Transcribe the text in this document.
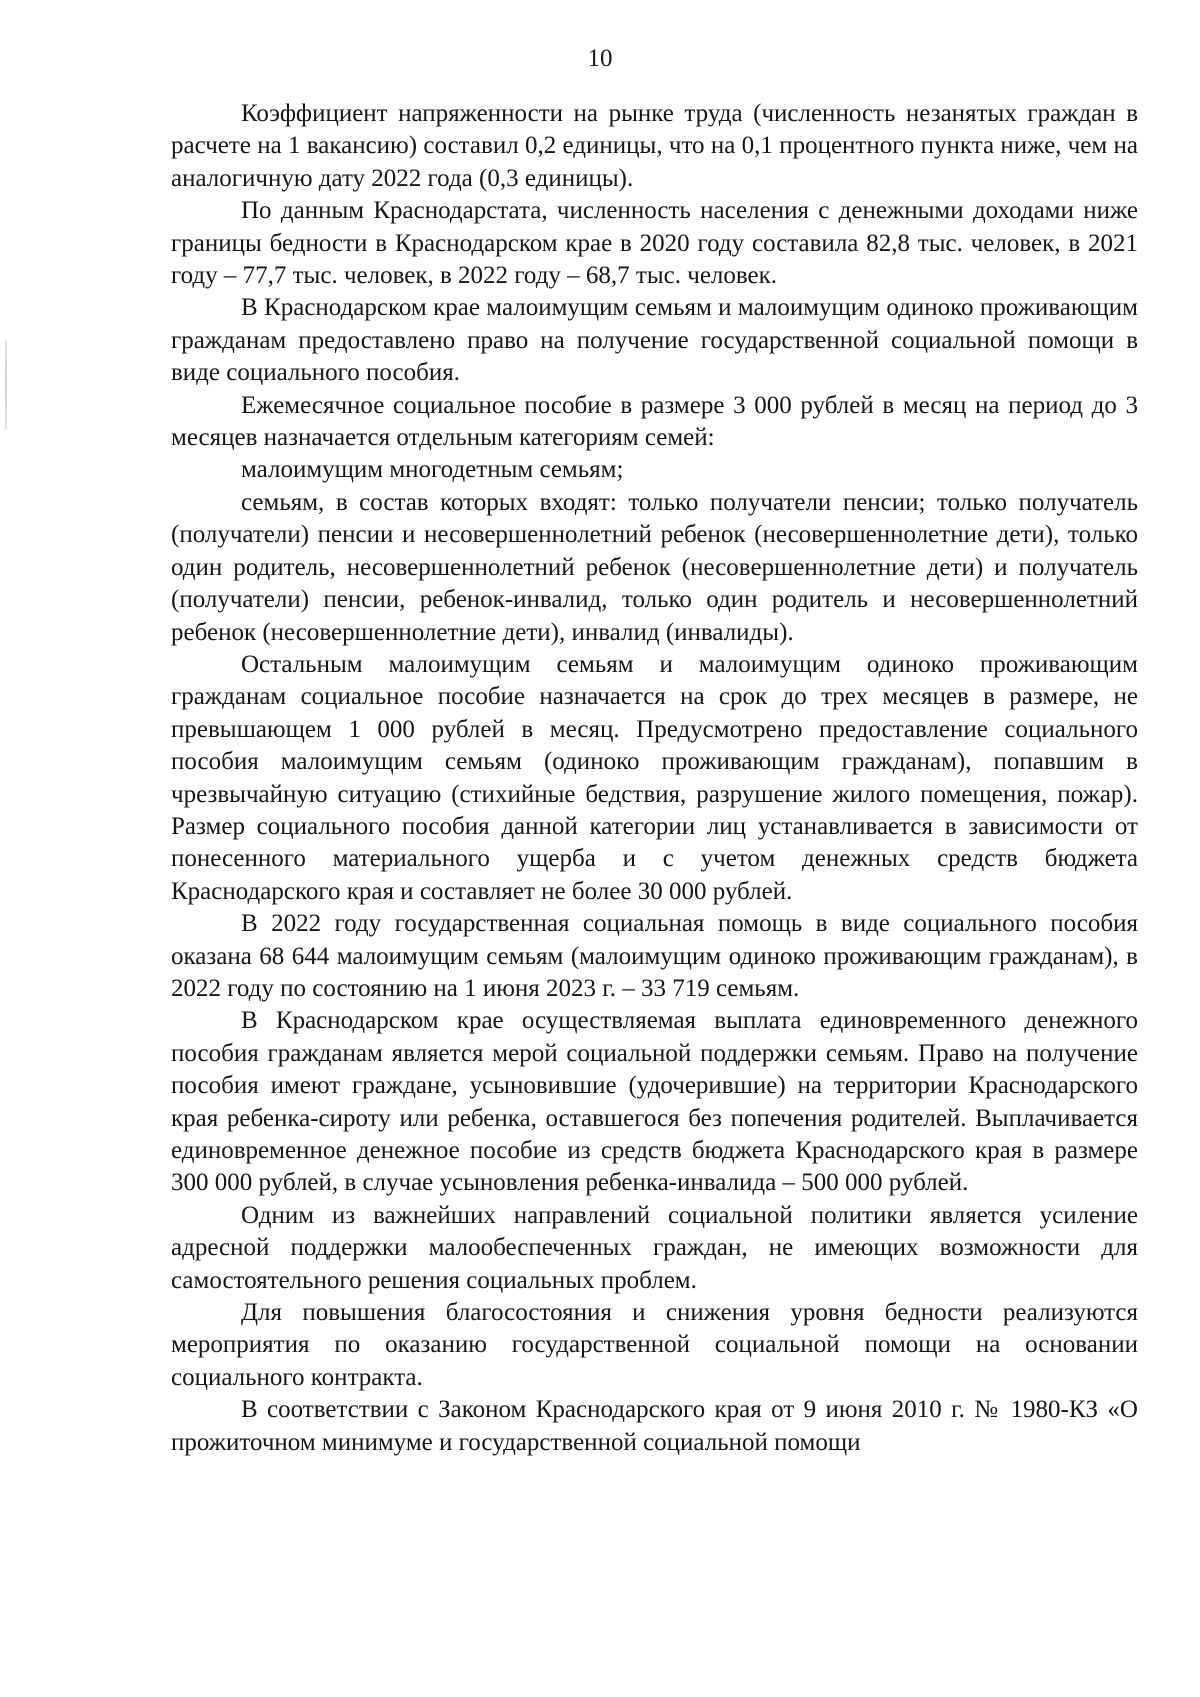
10

Коэффициент напряженности на рынке труда (численность незанятых граждан в расчете на 1 вакансию) составил 0,2 единицы, что на 0,1 процентного пункта ниже, чем на аналогичную дату 2022 года (0,3 единицы).

По данным Краснодарстата, численность населения с денежными доходами ниже границы бедности в Краснодарском крае в 2020 году составила 82,8 тыс. человек, в 2021 году – 77,7 тыс. человек, в 2022 году – 68,7 тыс. человек.

В Краснодарском крае малоимущим семьям и малоимущим одиноко проживающим гражданам предоставлено право на получение государственной социальной помощи в виде социального пособия.

Ежемесячное социальное пособие в размере 3 000 рублей в месяц на период до 3 месяцев назначается отдельным категориям семей:

малоимущим многодетным семьям;

семьям, в состав которых входят: только получатели пенсии; только получатель (получатели) пенсии и несовершеннолетний ребенок (несовершеннолетние дети), только один родитель, несовершеннолетний ребенок (несовершеннолетние дети) и получатель (получатели) пенсии, ребенок-инвалид, только один родитель и несовершеннолетний ребенок (несовершеннолетние дети), инвалид (инвалиды).

Остальным малоимущим семьям и малоимущим одиноко проживающим гражданам социальное пособие назначается на срок до трех месяцев в размере, не превышающем 1 000 рублей в месяц. Предусмотрено предоставление социального пособия малоимущим семьям (одиноко проживающим гражданам), попавшим в чрезвычайную ситуацию (стихийные бедствия, разрушение жилого помещения, пожар). Размер социального пособия данной категории лиц устанавливается в зависимости от понесенного материального ущерба и с учетом денежных средств бюджета Краснодарского края и составляет не более 30 000 рублей.

В 2022 году государственная социальная помощь в виде социального пособия оказана 68 644 малоимущим семьям (малоимущим одиноко проживающим гражданам), в 2022 году по состоянию на 1 июня 2023 г. – 33 719 семьям.

В Краснодарском крае осуществляемая выплата единовременного денежного пособия гражданам является мерой социальной поддержки семьям. Право на получение пособия имеют граждане, усыновившие (удочерившие) на территории Краснодарского края ребенка-сироту или ребенка, оставшегося без попечения родителей. Выплачивается единовременное денежное пособие из средств бюджета Краснодарского края в размере 300 000 рублей, в случае усыновления ребенка-инвалида – 500 000 рублей.

Одним из важнейших направлений социальной политики является усиление адресной поддержки малообеспеченных граждан, не имеющих возможности для самостоятельного решения социальных проблем.

Для повышения благосостояния и снижения уровня бедности реализуются мероприятия по оказанию государственной социальной помощи на основании социального контракта.

В соответствии с Законом Краснодарского края от 9 июня 2010 г. № 1980-КЗ «О прожиточном минимуме и государственной социальной помощи
